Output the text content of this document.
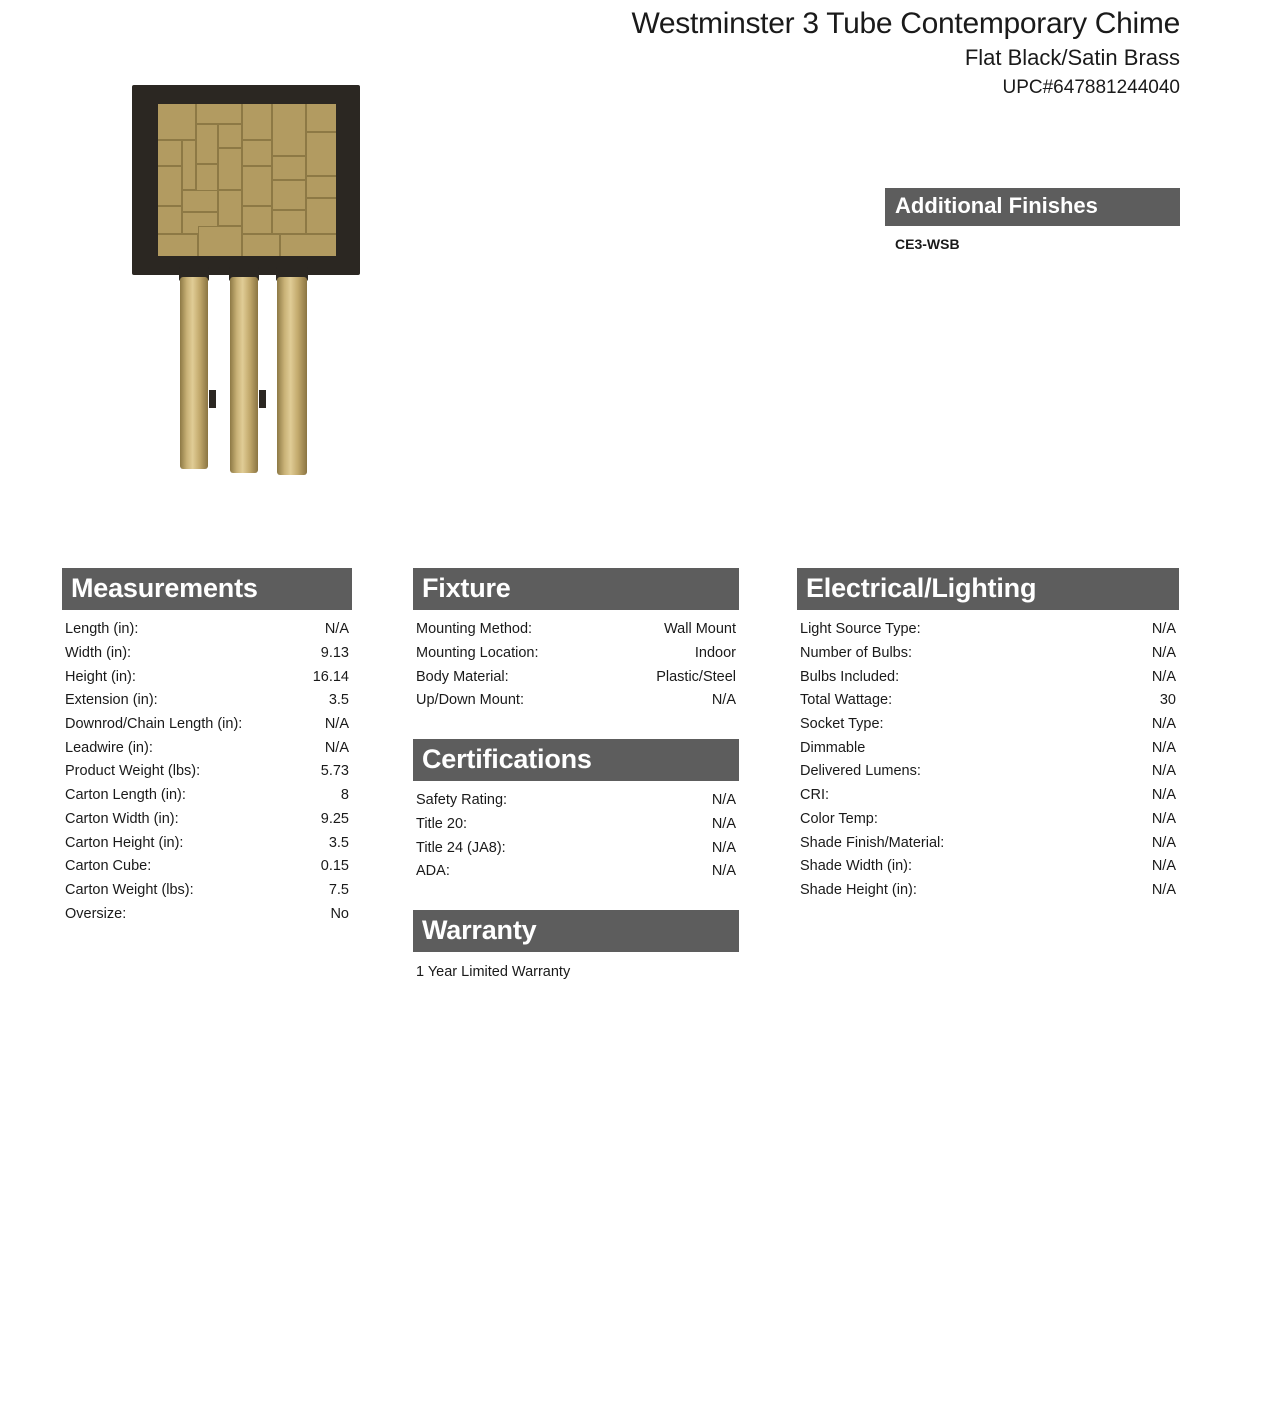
Westminster 3 Tube Contemporary Chime
Flat Black/Satin Brass
UPC#647881244040
Additional Finishes
CE3-WSB
Measurements
Length (in):	N/A
Width (in):	9.13
Height (in):	16.14
Extension (in):	3.5
Downrod/Chain Length (in):	N/A
Leadwire (in):	N/A
Product Weight (lbs):	5.73
Carton Length (in):	8
Carton Width (in):	9.25
Carton Height (in):	3.5
Carton Cube:	0.15
Carton Weight (lbs):	7.5
Oversize:	No
Fixture
Mounting Method:	Wall Mount
Mounting Location:	Indoor
Body Material:	Plastic/Steel
Up/Down Mount:	N/A
Certifications
Safety Rating:	N/A
Title 20:	N/A
Title 24 (JA8):	N/A
ADA:	N/A
Warranty
1 Year Limited Warranty
Electrical/Lighting
Light Source Type:	N/A
Number of Bulbs:	N/A
Bulbs Included:	N/A
Total Wattage:	30
Socket Type:	N/A
Dimmable	N/A
Delivered Lumens:	N/A
CRI:	N/A
Color Temp:	N/A
Shade Finish/Material:	N/A
Shade Width (in):	N/A
Shade Height (in):	N/A
